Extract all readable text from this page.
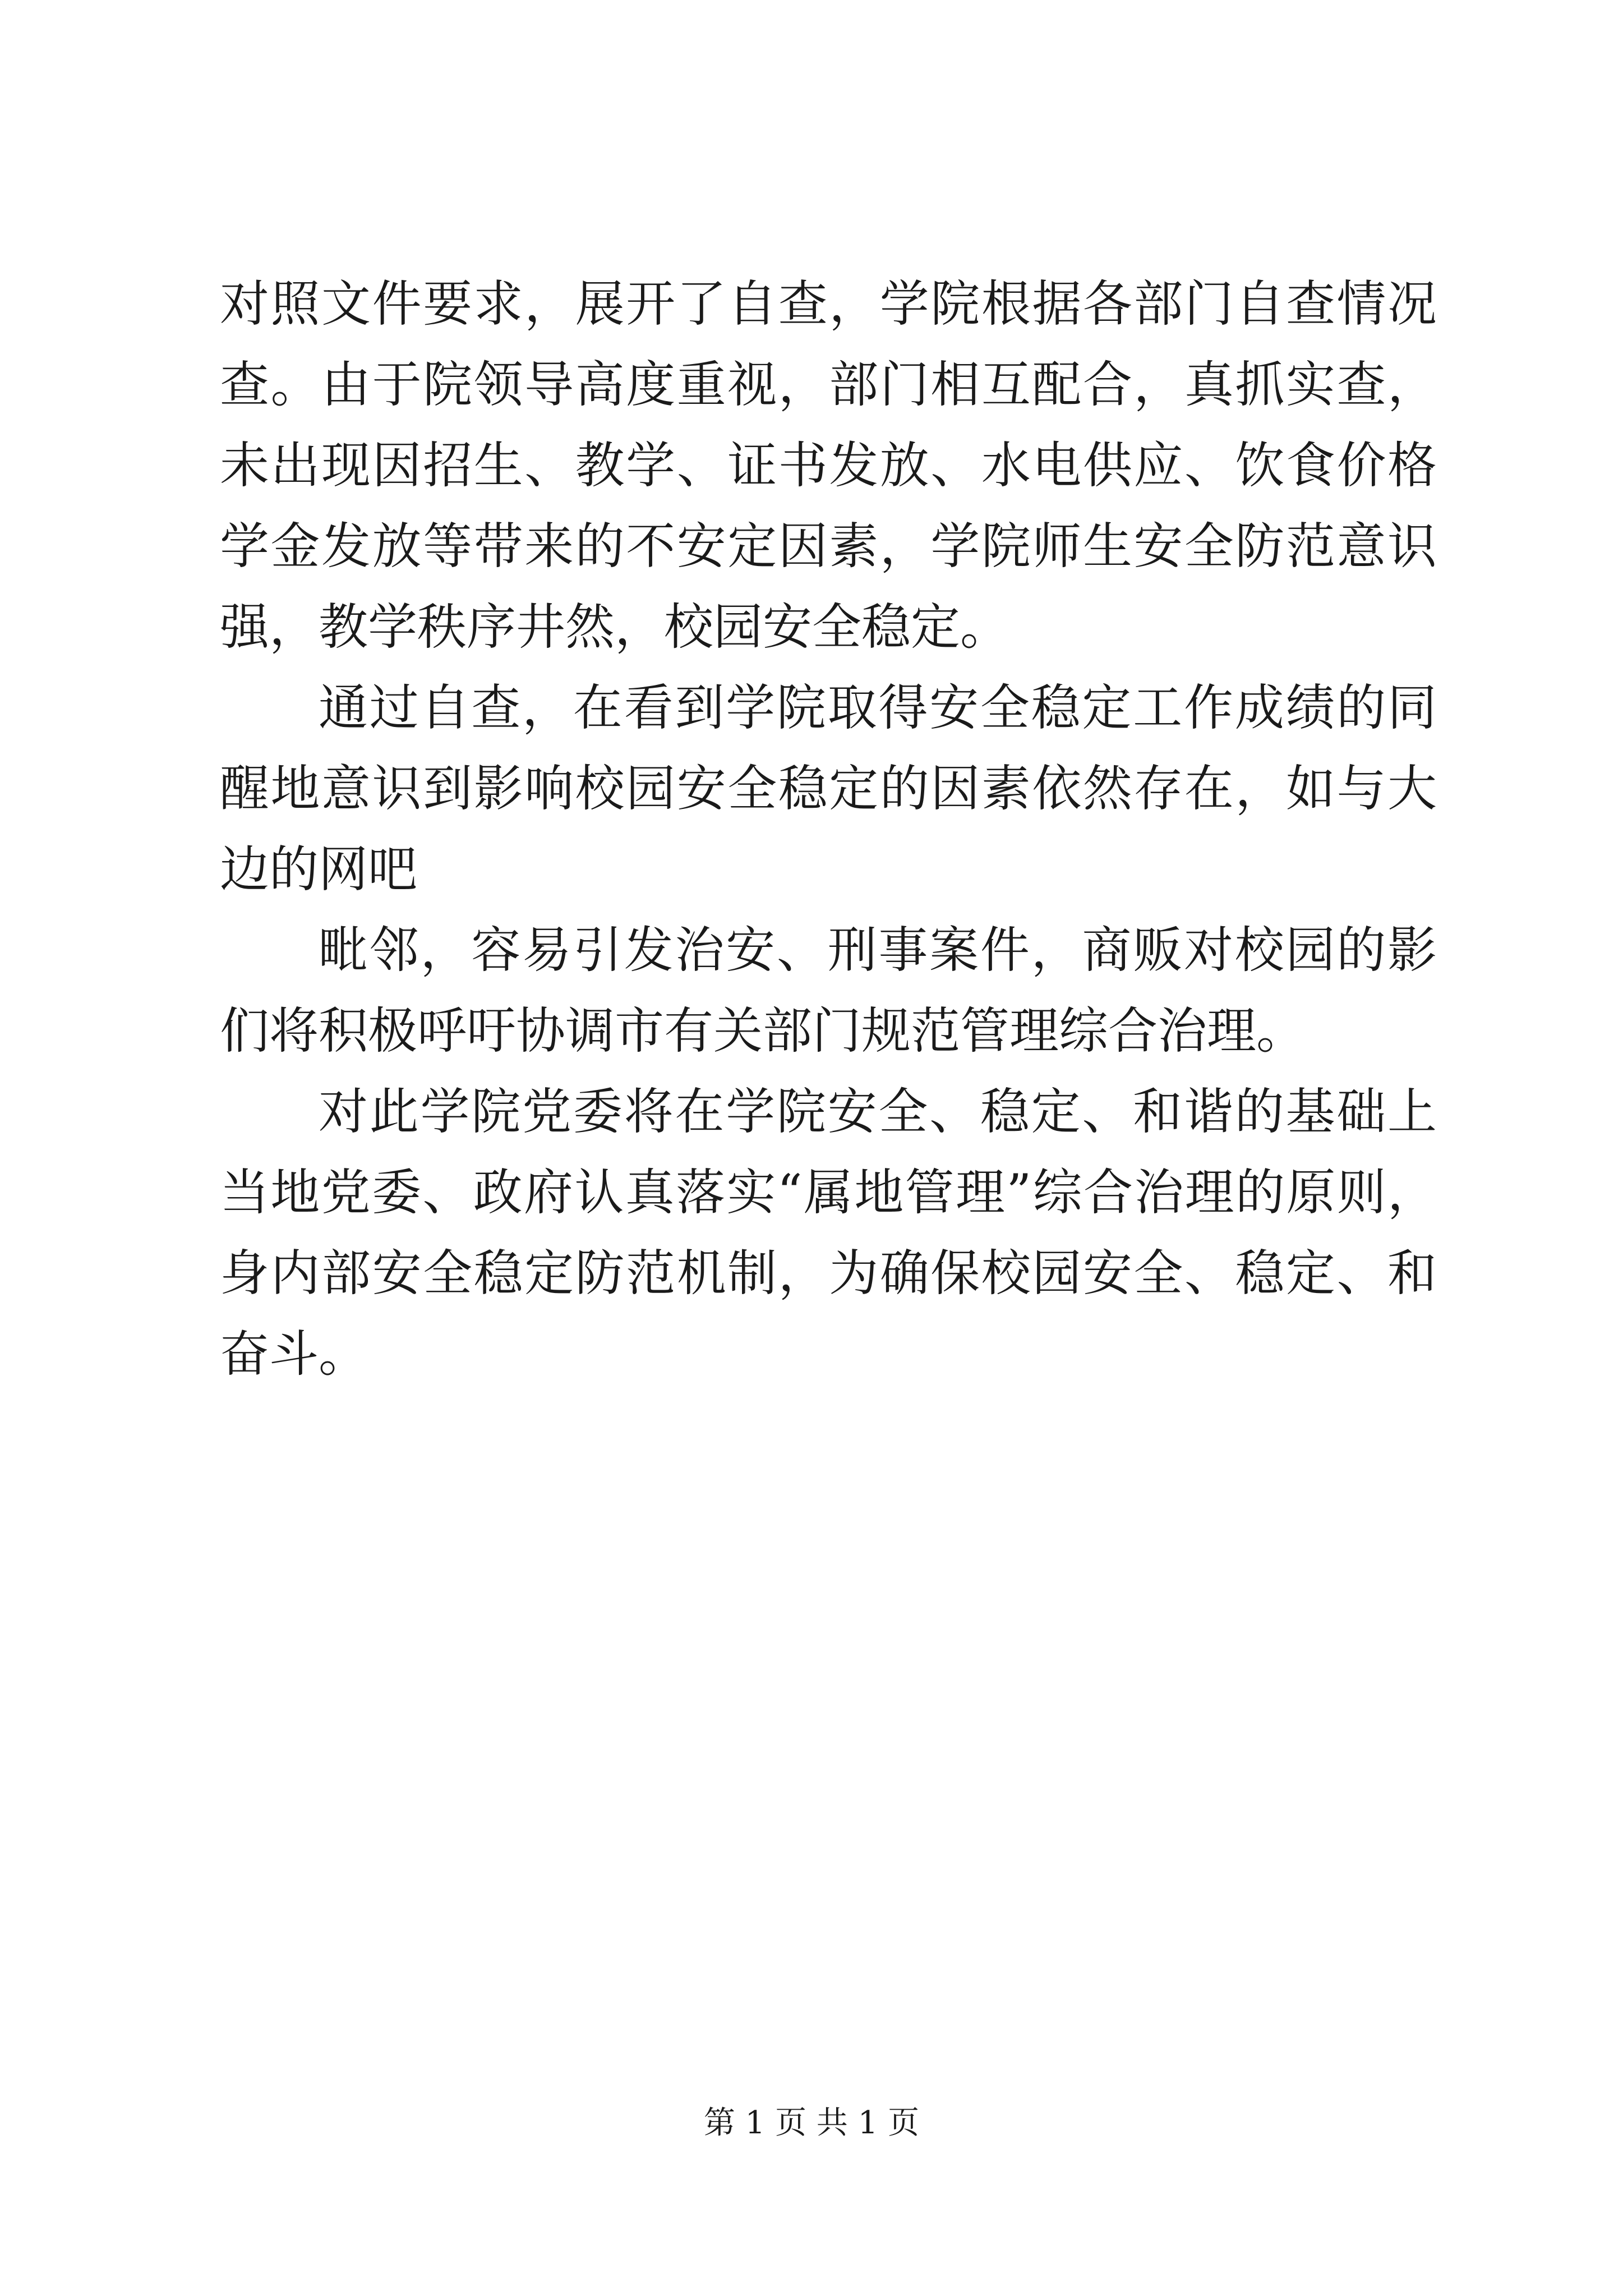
对照文件要求，展开了自查，学院根据各部门自查情况
查。由于院领导高度重视，部门相互配合，真抓实查，
未出现因招生、教学、证书发放、水电供应、饮食价格
学金发放等带来的不安定因素，学院师生安全防范意识
强，教学秩序井然，校园安全稳定。
通过自查，在看到学院取得安全稳定工作成绩的同
醒地意识到影响校园安全稳定的因素依然存在，如与大
边的网吧
毗邻，容易引发治安、刑事案件，商贩对校园的影
们将积极呼吁协调市有关部门规范管理综合治理。
对此学院党委将在学院安全、稳定、和谐的基础上
当地党委、政府认真落实“属地管理”综合治理的原则，
身内部安全稳定防范机制，为确保校园安全、稳定、和
奋斗。
第 1 页 共 1 页
